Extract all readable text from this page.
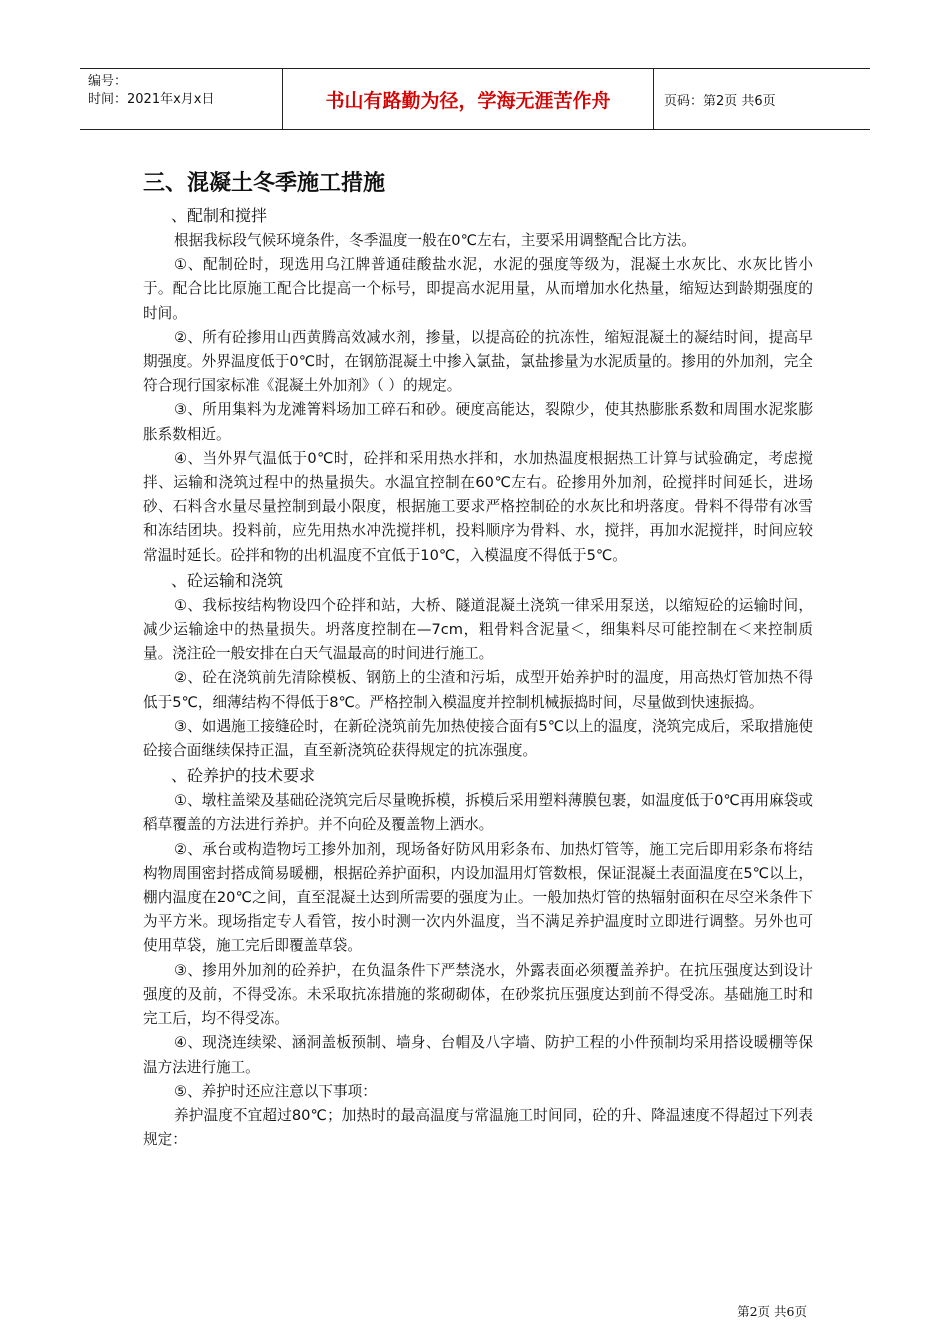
编号：
时间：2021年x月x日	书山有路勤为径，学海无涯苦作舟	页码：第2页 共6页
三、混凝土冬季施工措施

、配制和搅拌

根据我标段气候环境条件，冬季温度一般在0℃左右，主要采用调整配合比方法。

①、配制砼时，现选用乌江牌普通硅酸盐水泥，水泥的强度等级为，混凝土水灰比、水灰比皆小于。配合比比原施工配合比提高一个标号，即提高水泥用量，从而增加水化热量，缩短达到龄期强度的时间。

②、所有砼掺用山西黄腾高效减水剂，掺量，以提高砼的抗冻性，缩短混凝土的凝结时间，提高早期强度。外界温度低于0℃时，在钢筋混凝土中掺入氯盐，氯盐掺量为水泥质量的。掺用的外加剂，完全符合现行国家标准《混凝土外加剂》（ ）的规定。

③、所用集料为龙滩箐料场加工碎石和砂。硬度高能达，裂隙少，使其热膨胀系数和周围水泥浆膨胀系数相近。

④、当外界气温低于0℃时，砼拌和采用热水拌和，水加热温度根据热工计算与试验确定，考虑搅拌、运输和浇筑过程中的热量损失。水温宜控制在60℃左右。砼掺用外加剂，砼搅拌时间延长，进场砂、石料含水量尽量控制到最小限度，根据施工要求严格控制砼的水灰比和坍落度。骨料不得带有冰雪和冻结团块。投料前，应先用热水冲洗搅拌机，投料顺序为骨料、水，搅拌，再加水泥搅拌，时间应较常温时延长。砼拌和物的出机温度不宜低于10℃，入模温度不得低于5℃。

、砼运输和浇筑

①、我标按结构物设四个砼拌和站，大桥、隧道混凝土浇筑一律采用泵送，以缩短砼的运输时间，减少运输途中的热量损失。坍落度控制在—7cm，粗骨料含泥量＜，细集料尽可能控制在＜来控制质量。浇注砼一般安排在白天气温最高的时间进行施工。

②、砼在浇筑前先清除模板、钢筋上的尘渣和污垢，成型开始养护时的温度，用高热灯管加热不得低于5℃，细薄结构不得低于8℃。严格控制入模温度并控制机械振捣时间，尽量做到快速振捣。

③、如遇施工接缝砼时，在新砼浇筑前先加热使接合面有5℃以上的温度，浇筑完成后，采取措施使砼接合面继续保持正温，直至新浇筑砼获得规定的抗冻强度。

、砼养护的技术要求

①、墩柱盖梁及基础砼浇筑完后尽量晚拆模，拆模后采用塑料薄膜包裹，如温度低于0℃再用麻袋或稻草覆盖的方法进行养护。并不向砼及覆盖物上洒水。

②、承台或构造物圬工掺外加剂，现场备好防风用彩条布、加热灯管等，施工完后即用彩条布将结构物周围密封搭成简易暖棚，根据砼养护面积，内设加温用灯管数根，保证混凝土表面温度在5℃以上，棚内温度在20℃之间，直至混凝土达到所需要的强度为止。一般加热灯管的热辐射面积在尽空米条件下为平方米。现场指定专人看管，按小时测一次内外温度，当不满足养护温度时立即进行调整。另外也可使用草袋，施工完后即覆盖草袋。

③、掺用外加剂的砼养护，在负温条件下严禁浇水，外露表面必须覆盖养护。在抗压强度达到设计强度的及前，不得受冻。未采取抗冻措施的浆砌砌体，在砂浆抗压强度达到前不得受冻。基础施工时和完工后，均不得受冻。

④、现浇连续梁、涵洞盖板预制、墙身、台帽及八字墙、防护工程的小件预制均采用搭设暖棚等保温方法进行施工。

⑤、养护时还应注意以下事项：

养护温度不宜超过80℃；加热时的最高温度与常温施工时间同，砼的升、降温速度不得超过下列表规定：

第2页 共6页
